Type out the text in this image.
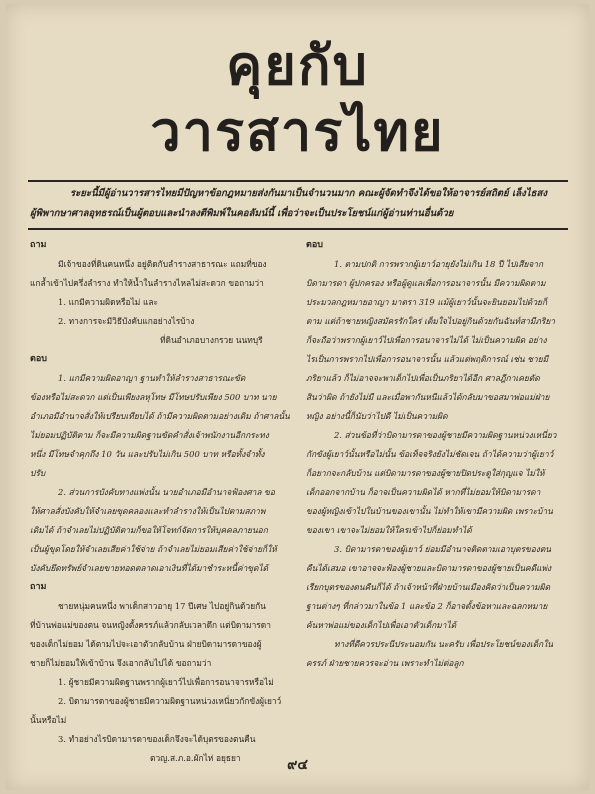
คุยกับ
วารสารไทย
ระยะนี้มีผู้อ่านวารสารไทยมีปัญหาข้อกฎหมายส่งกันมาเป็นจำนวนมาก คณะผู้จัดทำจึงได้ขอให้อาจารย์สถิตย์ เล็งไธสง
ผู้พิพากษาศาลอุทธรณ์เป็นผู้ตอบและนำลงตีพิมพ์ในคอลัมน์นี้ เพื่อว่าจะเป็นประโยชน์แก่ผู้อ่านท่านอื่นด้วย
ถาม
มีเจ้าของที่ดินคนหนึ่ง อยู่ติดกับลำรางสาธารณะ แถมที่ของ
แกล้ำเข้าไปครึ่งลำราง ทำให้น้ำในลำรางไหลไม่สะดวก ขอถามว่า
1. แกมีความผิดหรือไม่ และ
2. ทางการจะมีวิธีบังคับแกอย่างไรบ้าง
ที่ดินอำเภอบางกรวย นนทบุรี
ตอบ
1. แกมีความผิดอาญา ฐานทำให้ลำรางสาธารณะขัด
ข้องหรือไม่สะดวก แต่เป็นเพียงลหุโทษ มีโทษปรับเพียง 500 บาท นาย
อำเภอมีอำนาจสั่งให้เปรียบเทียบได้ ถ้ามีความผิดตามอย่างเดิม ถ้าศาลนั้น
ไม่ยอมปฏิบัติตาม ก็จะมีความผิดฐานขัดคำสั่งเจ้าพนักงานอีกกระทง
หนึ่ง มีโทษจำคุกถึง 10 วัน และปรับไม่เกิน 500 บาท หรือทั้งจำทั้ง
ปรับ
2. ส่วนการบังคับทางแพ่งนั้น นายอำเภอมีอำนาจฟ้องศาล ขอ
ให้ศาลสั่งบังคับให้จำเลยขุดคลองและทำลำรางให้เป็นไปตามสภาพ
เดิมได้ ถ้าจำเลยไม่ปฏิบัติตามก็ขอให้โจทก์จัดการให้บุคคลภายนอก
เป็นผู้ขุดโดยให้จำเลยเสียค่าใช้จ่าย ถ้าจำเลยไม่ยอมเสียค่าใช้จ่ายก็ให้
บังคับยึดทรัพย์จำเลยขายทอดตลาดเอาเงินที่ได้มาชำระหนี้ค่าขุดได้
ถาม
ชายหนุ่มคนหนึ่ง พาเด็กสาวอายุ 17 ปีเศษ ไปอยู่กินด้วยกัน
ที่บ้านพ่อแม่ของตน จนหญิงตั้งครรภ์แล้วกลับเวลาดึก แต่บิดามารดา
ของเด็กไม่ยอม ได้ตามไปจะเอาตัวกลับบ้าน ฝ่ายบิดามารดาของผู้
ชายก็ไม่ยอมให้เข้าบ้าน จึงเอากลับไปได้ ขอถามว่า
1. ผู้ชายมีความผิดฐานพรากผู้เยาว์ไปเพื่อการอนาจารหรือไม่
2. บิดามารดาของผู้ชายมีความผิดฐานหน่วงเหนี่ยวกักขังผู้เยาว์
นั้นหรือไม่
3. ทำอย่างไรบิดามารดาของเด็กจึงจะได้บุตรของตนคืน
ตวญ.ส.ภ.อ.ผักไห่ อยุธยา
ตอบ
1. ตามปกติ การพรากผู้เยาว์อายุยังไม่เกิน 18 ปี ไปเสียจาก
บิดามารดา ผู้ปกครอง หรือผู้ดูแลเพื่อการอนาจารนั้น มีความผิดตาม
ประมวลกฎหมายอาญา มาตรา 319 แม้ผู้เยาว์นั้นจะยินยอมไปด้วยก็
ตาม แต่ถ้าชายหญิงสมัครรักใคร่ เต็มใจไปอยู่กินด้วยกันฉันท์สามีภริยา
ก็จะถือว่าพรากผู้เยาว์ไปเพื่อการอนาจารไม่ได้ ไม่เป็นความผิด อย่าง
ไรเป็นการพรากไปเพื่อการอนาจารนั้น แล้วแต่พฤติการณ์ เช่น ชายมี
ภริยาแล้ว ก็ไม่อาจจะพาเด็กไปเพื่อเป็นภริยาได้อีก ศาลฎีกาเคยตัด
สินว่าผิด ถ้ายังไม่มี และเมื่อพากันหนีแล้วได้กลับมาขอสมาพ่อแม่ฝ่าย
หญิง อย่างนี้ก็นับว่าไปดี ไม่เป็นความผิด
2. ส่วนข้อที่ว่าบิดามารดาของผู้ชายมีความผิดฐานหน่วงเหนี่ยว
กักขังผู้เยาว์นั้นหรือไม่นั้น ข้อเท็จจริงยังไม่ชัดเจน ถ้าได้ความว่าผู้เยาว์
ก็อยากจะกลับบ้าน แต่บิดามารดาของผู้ชายปิดประตูใส่กุญแจ ไม่ให้
เด็กออกจากบ้าน ก็อาจเป็นความผิดได้ หากที่ไม่ยอมให้บิดามารดา
ของผู้หญิงเข้าไปในบ้านของเขานั้น ไม่ทำให้เขามีความผิด เพราะบ้าน
ของเขา เขาจะไม่ยอมให้ใครเข้าไปก็ย่อมทำได้
3. บิดามารดาของผู้เยาว์ ย่อมมีอำนาจติดตามเอาบุตรของตน
คืนได้เสมอ เขาอาจจะฟ้องผู้ชายและบิดามารดาของผู้ชายเป็นคดีแพ่ง
เรียกบุตรของตนคืนก็ได้ ถ้าเจ้าหน้าที่ฝ่ายบ้านเมืองคิดว่าเป็นความผิด
ฐานต่างๆ ที่กล่าวมาในข้อ 1 และข้อ 2 ก็อาจตั้งข้อหาและฉลกหมาย
ค้นหาพ่อแม่ของเด็กไปเพื่อเอาตัวเด็กมาได้
ทางที่ดีควรประนีประนอมกัน นะครับ เพื่อประโยชน์ของเด็กใน
ครรภ์ ฝ่ายชายควรจะอ่าน เพราะทำไม่ต่อลูก
๙๔
